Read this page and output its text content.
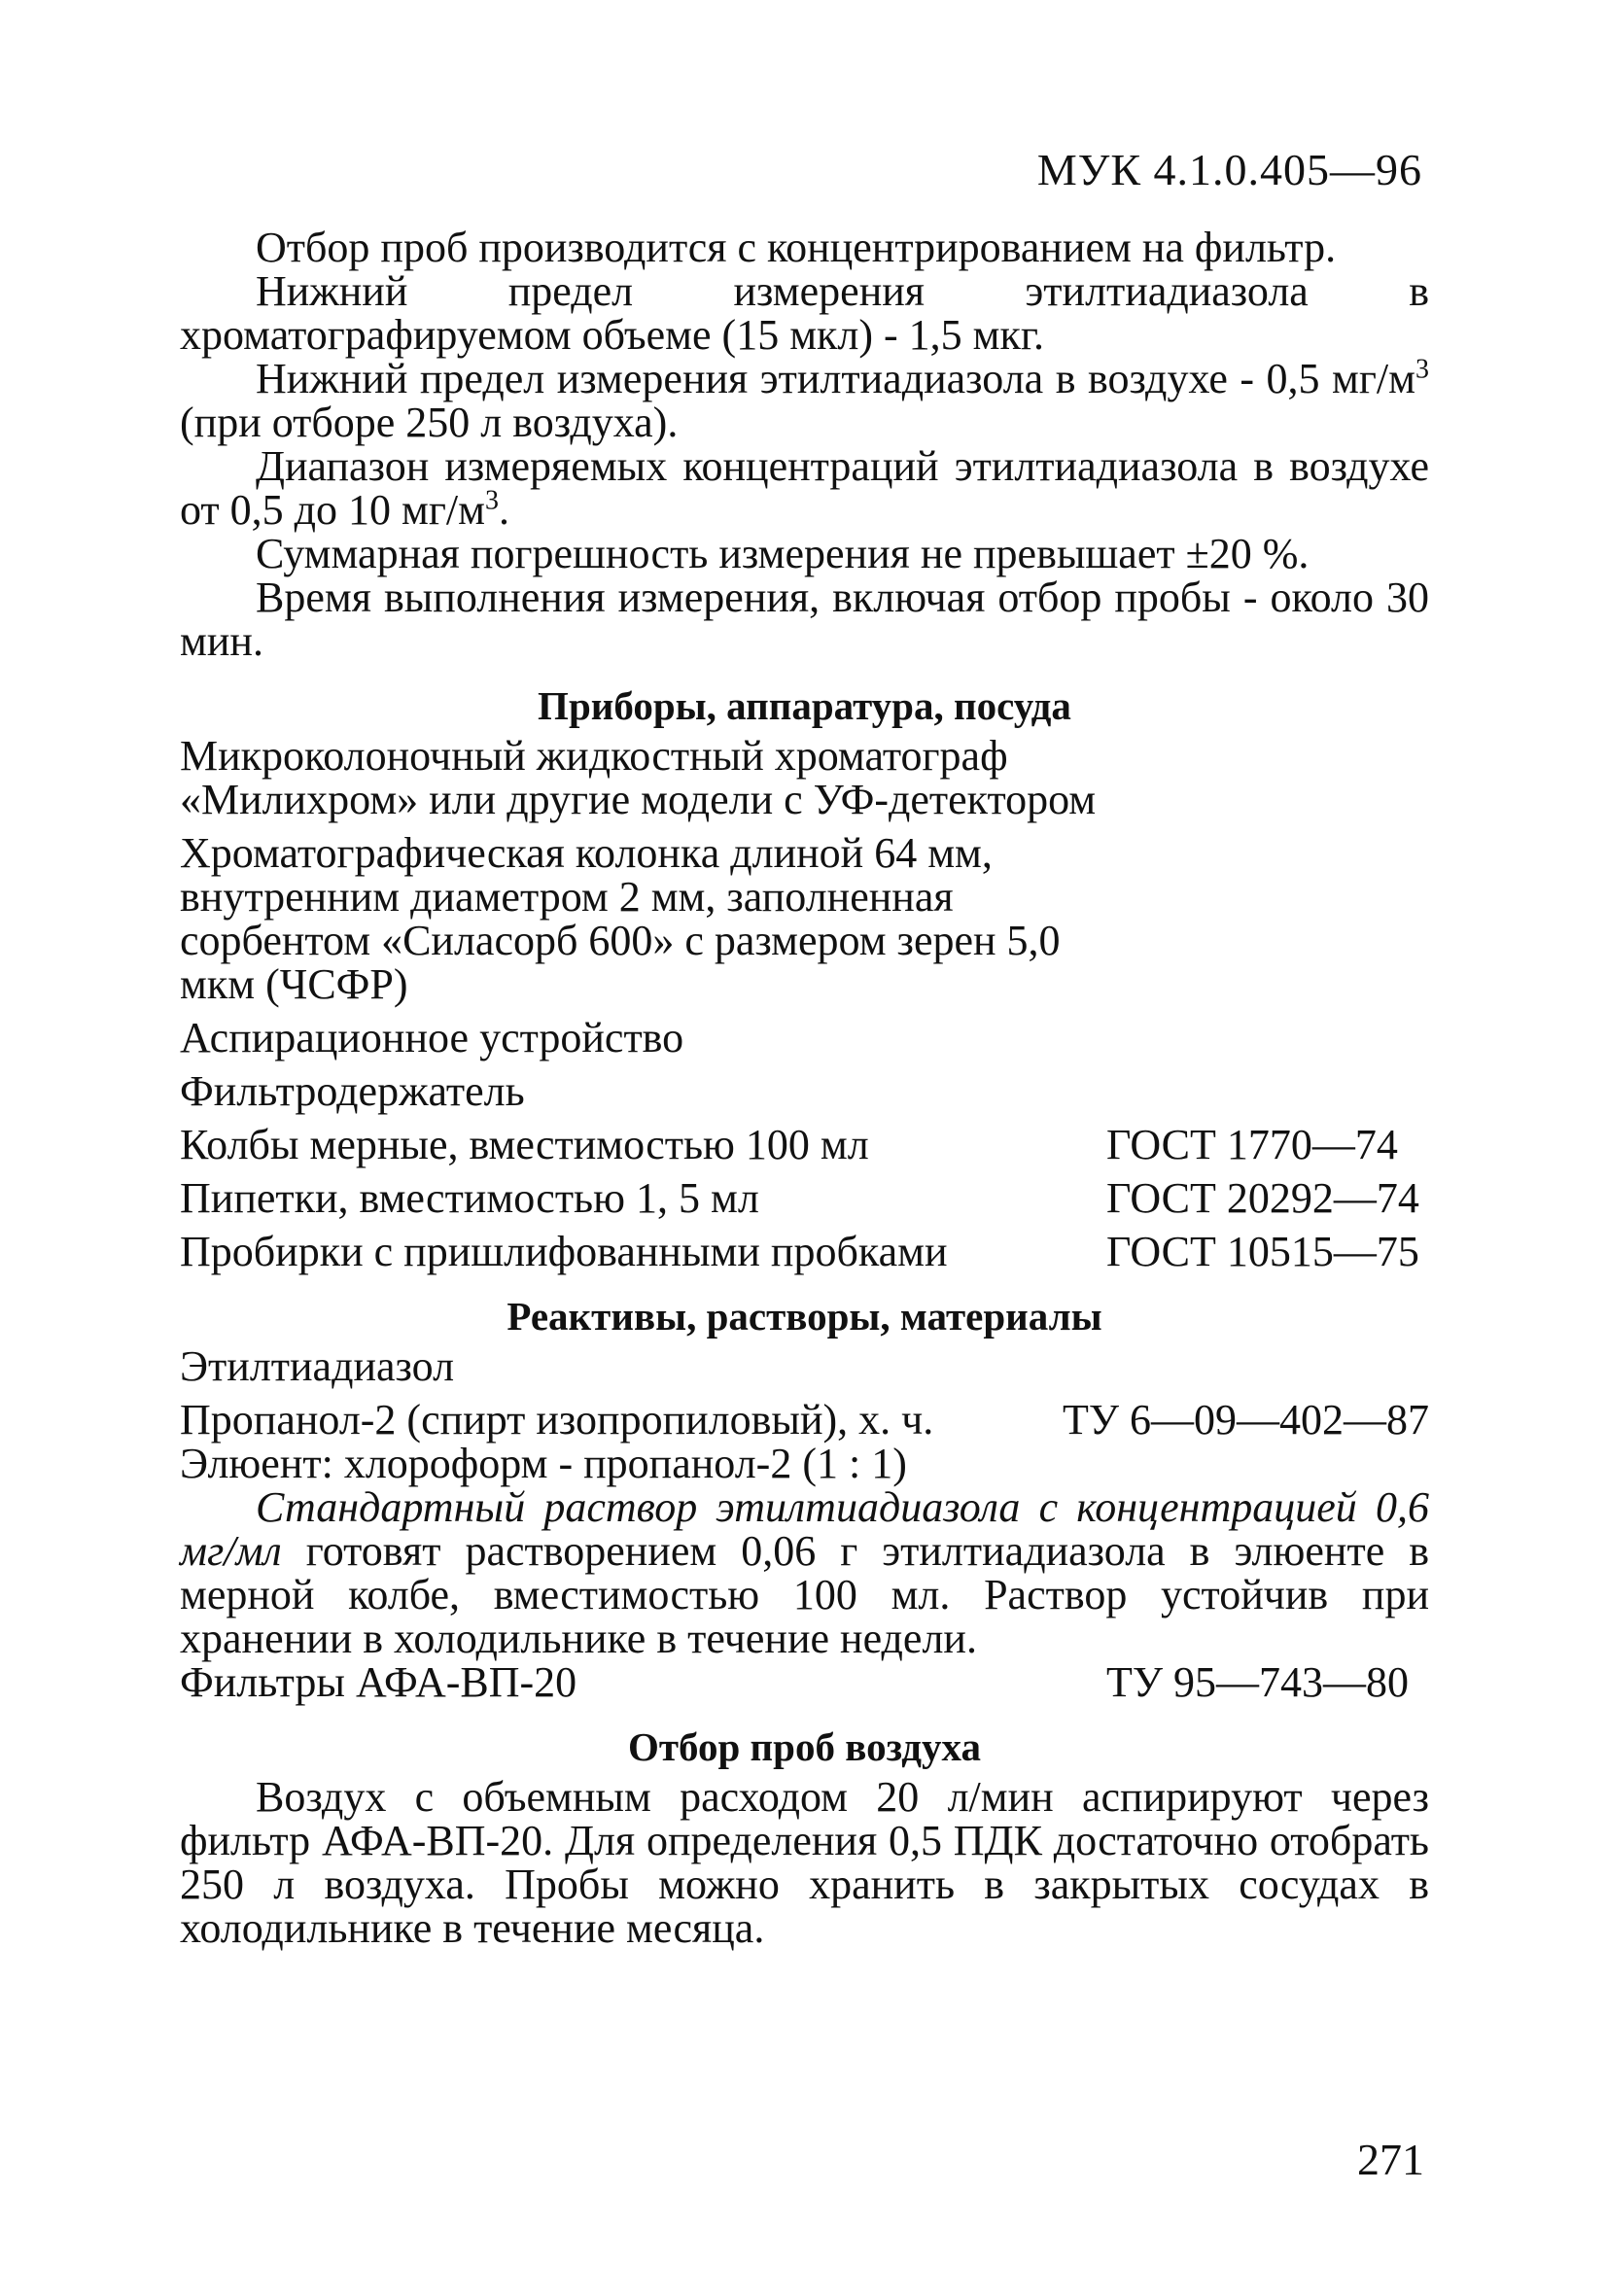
МУК 4.1.0.405—96

Отбор проб производится с концентрированием на фильтр.

Нижний предел измерения этилтиадиазола в хроматографируемом объеме (15 мкл) - 1,5 мкг.

Нижний предел измерения этилтиадиазола в воздухе - 0,5 $мг/м^3$ (при отборе 250 л воздуха).

Диапазон измеряемых концентраций этилтиадиазола в воздухе от 0,5 до 10 $мг/м^3$.

Суммарная погрешность измерения не превышает ±20 %.

Время выполнения измерения, включая отбор пробы - около 30 мин.

Приборы, аппаратура, посуда

Микроколоночный жидкостный хроматограф «Милихром» или другие модели с УФ-детектором

Хроматографическая колонка длиной 64 мм, внутренним диаметром 2 мм, заполненная сорбентом «Силасорб 600» с размером зерен 5,0 мкм (ЧСФР)

Аспирационное устройство

Фильтродержатель

Колбы мерные, вместимостью 100 мл	ГОСТ 1770—74
Пипетки, вместимостью 1, 5 мл	ГОСТ 20292—74
Пробирки с пришлифованными пробками	ГОСТ 10515—75
Реактивы, растворы, материалы

Этилтиадиазол

Пропанол-2 (спирт изопропиловый), х. ч.	ТУ 6—09—402—87

Элюент: хлороформ - пропанол-2 (1 : 1)

Стандартный раствор этилтиадиазола с концентрацией 0,6 мг/мл готовят растворением 0,06 г этилтиадиазола в элюенте в мерной колбе, вместимостью 100 мл. Раствор устойчив при хранении в холодильнике в течение недели.

Фильтры АФА-ВП-20	ТУ 95—743—80
Отбор проб воздуха

Воздух с объемным расходом 20 л/мин аспирируют через фильтр АФА-ВП-20. Для определения 0,5 ПДК достаточно отобрать 250 л воздуха. Пробы можно хранить в закрытых сосудах в холодильнике в течение месяца.

271
